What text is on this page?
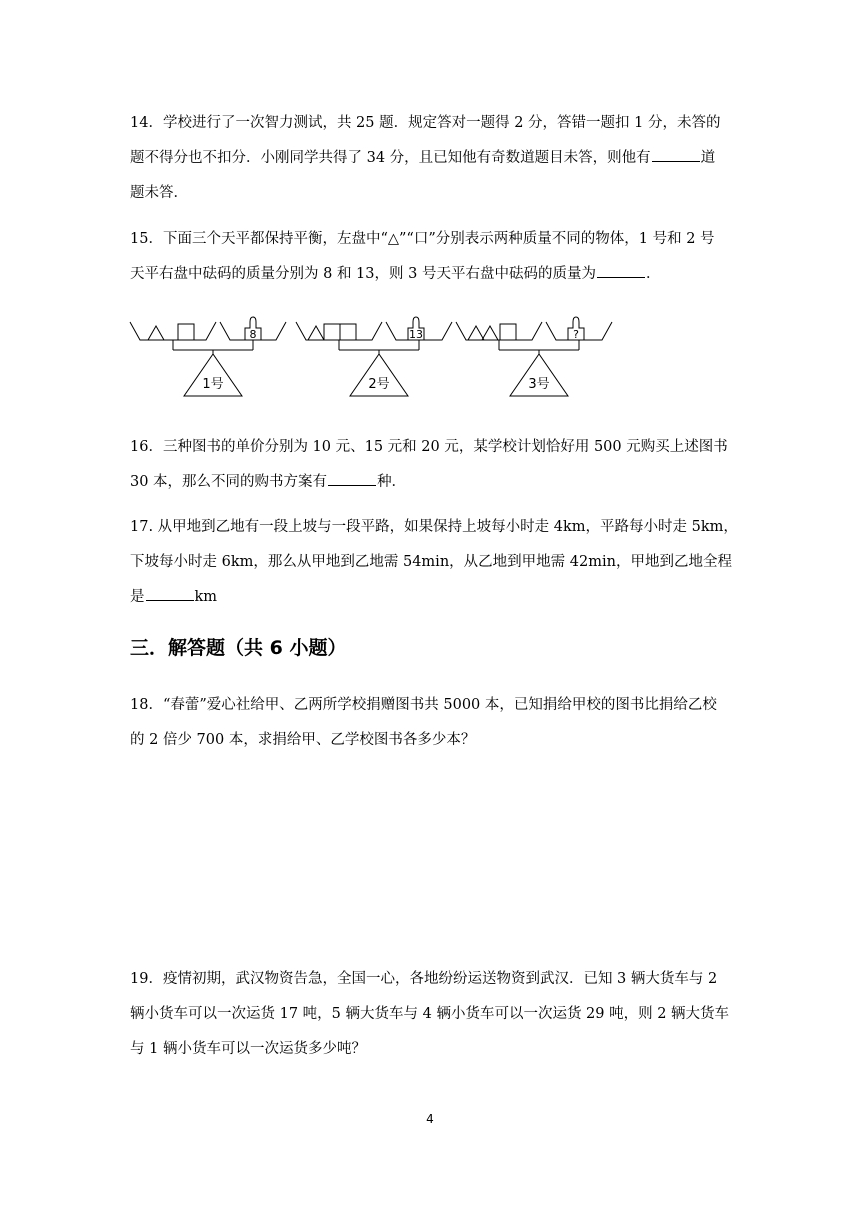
14．学校进行了一次智力测试，共 25 题．规定答对一题得 2 分，答错一题扣 1 分，未答的
题不得分也不扣分．小刚同学共得了 34 分，且已知他有奇数道题目未答，则他有	道
题未答．
15．下面三个天平都保持平衡，左盘中“△”“口”分别表示两种质量不同的物体，1 号和 2 号
天平右盘中砝码的质量分别为 8 和 13，则 3 号天平右盘中砝码的质量为	．
8
1号
13
2号
?
3号
16．三种图书的单价分别为 10 元、15 元和 20 元，某学校计划恰好用 500 元购买上述图书
30 本，那么不同的购书方案有	种．
17. 从甲地到乙地有一段上坡与一段平路，如果保持上坡每小时走 4km，平路每小时走 5km，
下坡每小时走 6km，那么从甲地到乙地需 54min，从乙地到甲地需 42min，甲地到乙地全程
是	km
三．解答题（共 6 小题）
18．“春蕾”爱心社给甲、乙两所学校捐赠图书共 5000 本，已知捐给甲校的图书比捐给乙校
的 2 倍少 700 本，求捐给甲、乙学校图书各多少本？
19．疫情初期，武汉物资告急，全国一心，各地纷纷运送物资到武汉．已知 3 辆大货车与 2
辆小货车可以一次运货 17 吨，5 辆大货车与 4 辆小货车可以一次运货 29 吨，则 2 辆大货车
与 1 辆小货车可以一次运货多少吨？
4
